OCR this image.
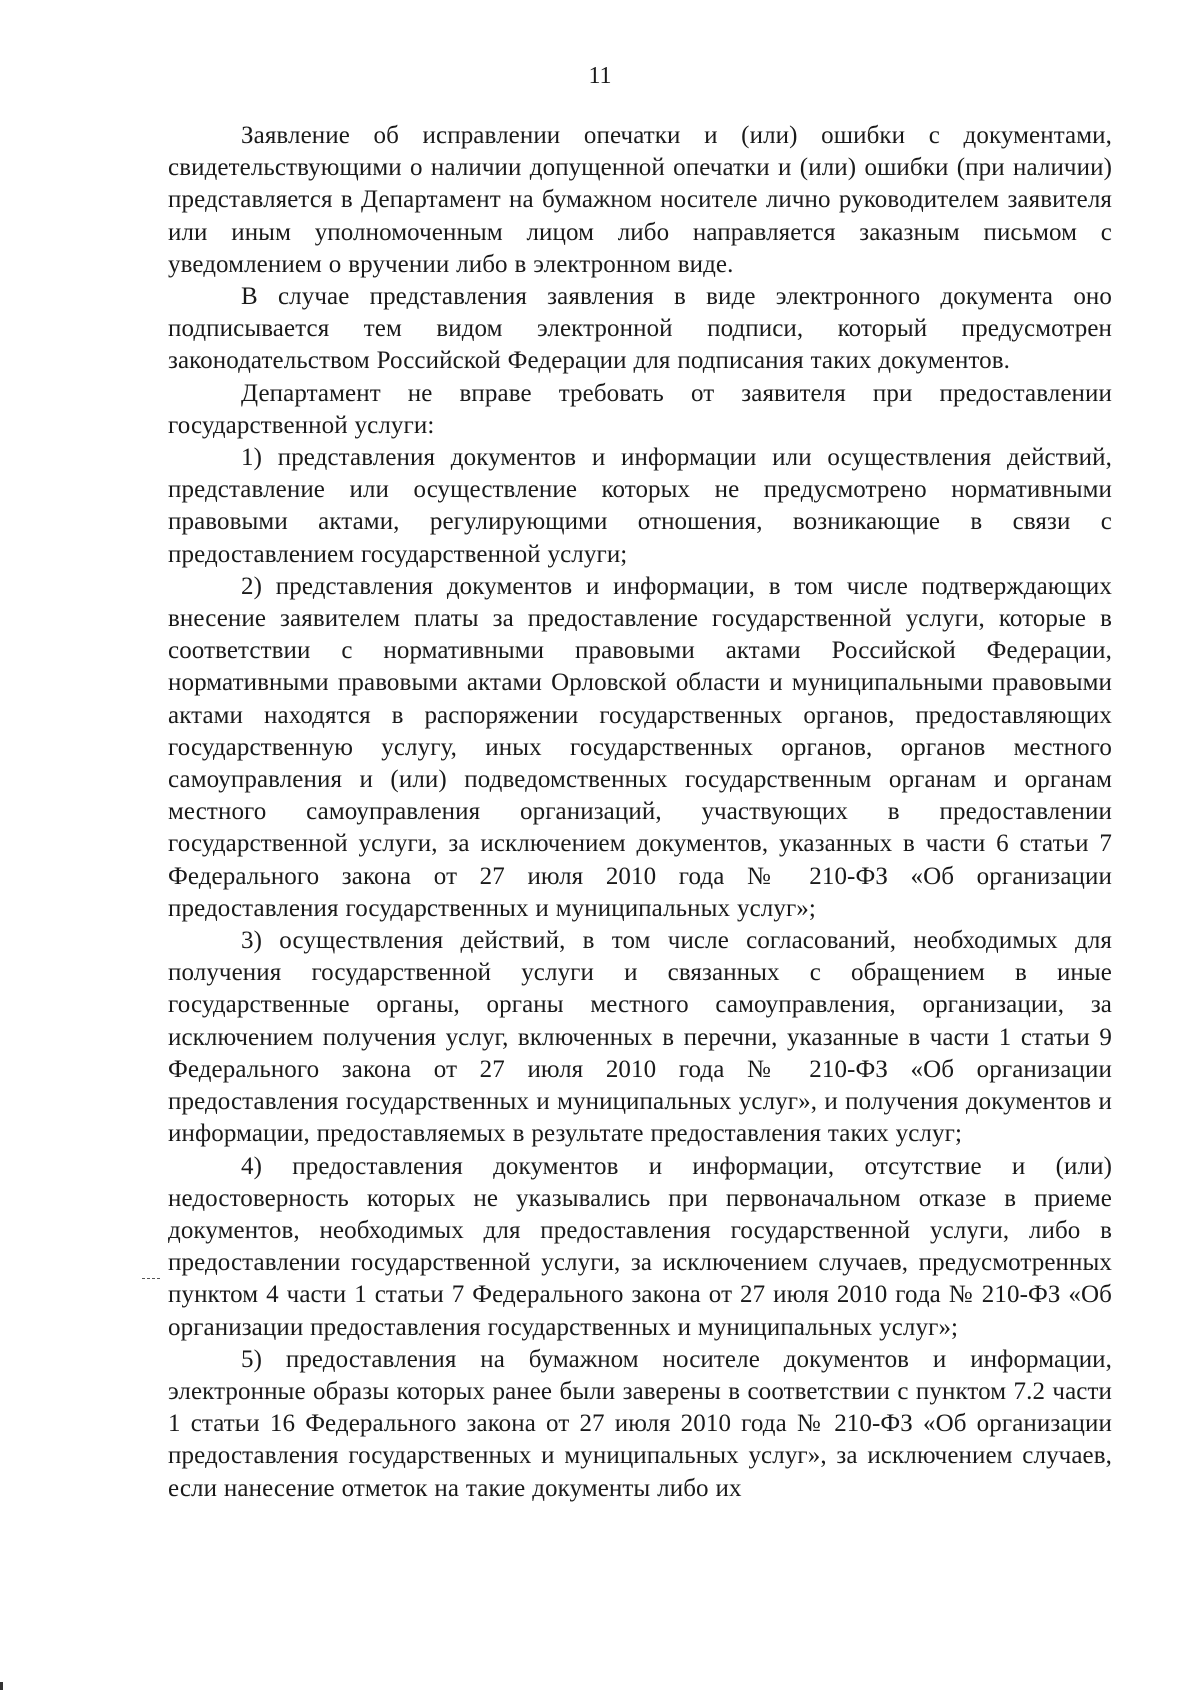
11

Заявление об исправлении опечатки и (или) ошибки с документами, свидетельствующими о наличии допущенной опечатки и (или) ошибки (при наличии) представляется в Департамент на бумажном носителе лично руководителем заявителя или иным уполномоченным лицом либо направляется заказным письмом с уведомлением о вручении либо в электронном виде.

В случае представления заявления в виде электронного документа оно подписывается тем видом электронной подписи, который предусмотрен законодательством Российской Федерации для подписания таких документов.

Департамент не вправе требовать от заявителя при предоставлении государственной услуги:

1) представления документов и информации или осуществления действий, представление или осуществление которых не предусмотрено нормативными правовыми актами, регулирующими отношения, возникающие в связи с предоставлением государственной услуги;

2) представления документов и информации, в том числе подтверждающих внесение заявителем платы за предоставление государственной услуги, которые в соответствии с нормативными правовыми актами Российской Федерации, нормативными правовыми актами Орловской области и муниципальными правовыми актами находятся в распоряжении государственных органов, предоставляющих государственную услугу, иных государственных органов, органов местного самоуправления и (или) подведомственных государственным органам и органам местного самоуправления организаций, участвующих в предоставлении государственной услуги, за исключением документов, указанных в части 6 статьи 7 Федерального закона от 27 июля 2010 года № 210-ФЗ «Об организации предоставления государственных и муниципальных услуг»;

3) осуществления действий, в том числе согласований, необходимых для получения государственной услуги и связанных с обращением в иные государственные органы, органы местного самоуправления, организации, за исключением получения услуг, включенных в перечни, указанные в части 1 статьи 9 Федерального закона от 27 июля 2010 года № 210-ФЗ «Об организации предоставления государственных и муниципальных услуг», и получения документов и информации, предоставляемых в результате предоставления таких услуг;

4) предоставления документов и информации, отсутствие и (или) недостоверность которых не указывались при первоначальном отказе в приеме документов, необходимых для предоставления государственной услуги, либо в предоставлении государственной услуги, за исключением случаев, предусмотренных пунктом 4 части 1 статьи 7 Федерального закона от 27 июля 2010 года № 210-ФЗ «Об организации предоставления государственных и муниципальных услуг»;

5) предоставления на бумажном носителе документов и информации, электронные образы которых ранее были заверены в соответствии с пунктом 7.2 части 1 статьи 16 Федерального закона от 27 июля 2010 года № 210-ФЗ «Об организации предоставления государственных и муниципальных услуг», за исключением случаев, если нанесение отметок на такие документы либо их
